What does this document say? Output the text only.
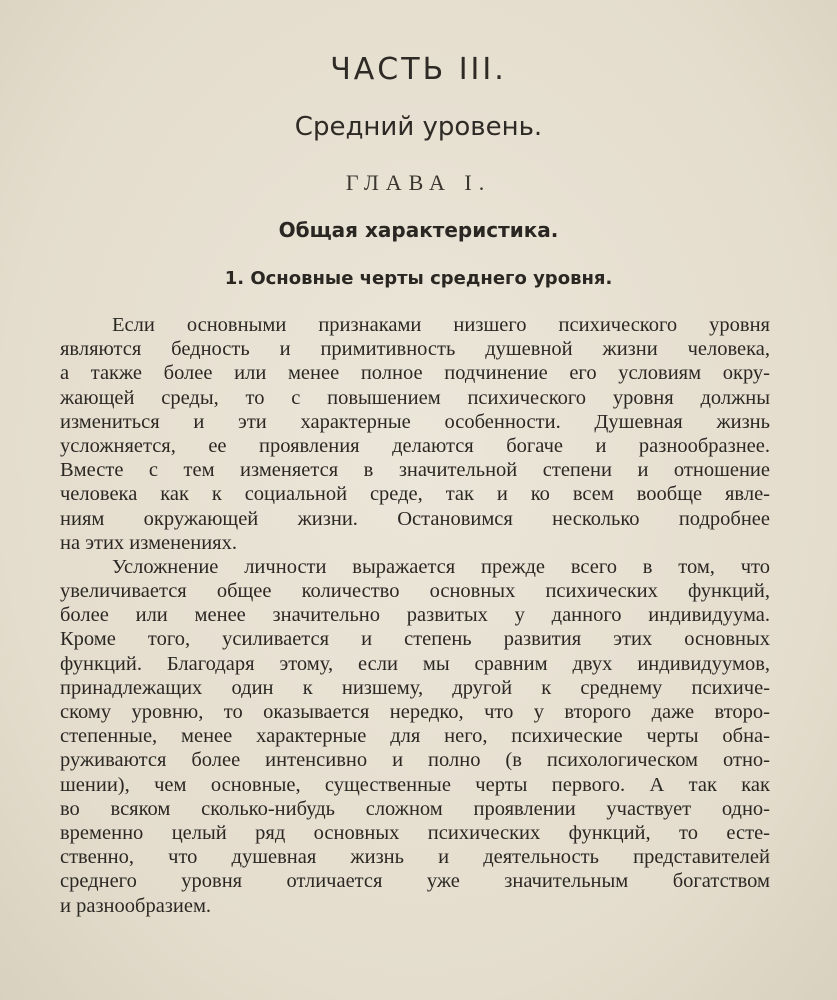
ЧАСТЬ III.
Средний уровень.
ГЛАВА I.
Общая характеристика.
1. Основные черты среднего уровня.
Если основными признаками низшего психического уровня
являются бедность и примитивность душевной жизни человека,
а также более или менее полное подчинение его условиям окру-
жающей среды, то с повышением психического уровня должны
измениться и эти характерные особенности. Душевная жизнь
усложняется, ее проявления делаются богаче и разнообразнее.
Вместе с тем изменяется в значительной степени и отношение
человека как к социальной среде, так и ко всем вообще явле-
ниям окружающей жизни. Остановимся несколько подробнее
на этих изменениях.
Усложнение личности выражается прежде всего в том, что
увеличивается общее количество основных психических функций,
более или менее значительно развитых у данного индивидуума.
Кроме того, усиливается и степень развития этих основных
функций. Благодаря этому, если мы сравним двух индивидуумов,
принадлежащих один к низшему, другой к среднему психиче-
скому уровню, то оказывается нередко, что у второго даже второ-
степенные, менее характерные для него, психические черты обна-
руживаются более интенсивно и полно (в психологическом отно-
шении), чем основные, существенные черты первого. А так как
во всяком сколько-нибудь сложном проявлении участвует одно-
временно целый ряд основных психических функций, то есте-
ственно, что душевная жизнь и деятельность представителей
среднего уровня отличается уже значительным богатством
и разнообразием.
